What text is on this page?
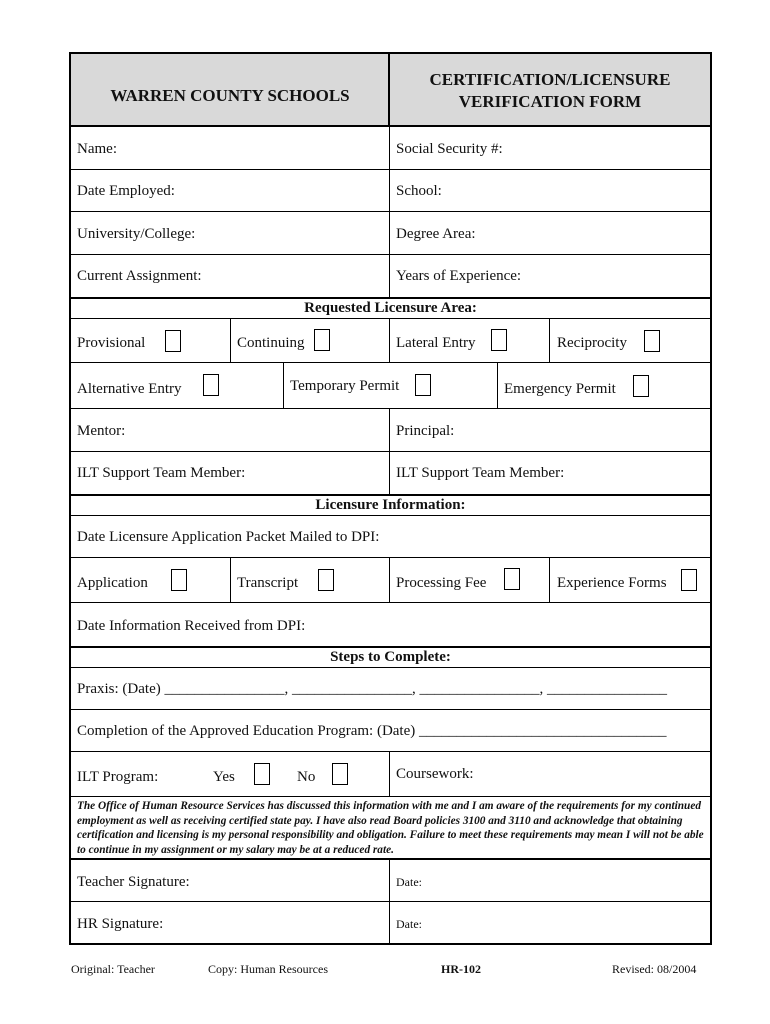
WARREN COUNTY SCHOOLS
CERTIFICATION/LICENSURE
VERIFICATION FORM
Name:	Social Security #:
Date Employed:	School:
University/College:	Degree Area:
Current Assignment:	Years of Experience:
Requested Licensure Area:
Provisional	Continuing	Lateral Entry	Reciprocity
Alternative Entry	Temporary Permit	Emergency Permit
Mentor:	Principal:
ILT Support Team Member:	ILT Support Team Member:
Licensure Information:
Date Licensure Application Packet Mailed to DPI:
Application	Transcript	Processing Fee	Experience Forms
Date Information Received from DPI:
Steps to Complete:
Praxis: (Date) ________________, ________________, ________________, ________________
Completion of the Approved Education Program: (Date) _________________________________
ILT Program:	Yes	No	Coursework:
The Office of Human Resource Services has discussed this information with me and I am aware of the requirements for my continued employment as well as receiving certified state pay. I have also read Board policies 3100 and 3110 and acknowledge that obtaining certification and licensing is my personal responsibility and obligation. Failure to meet these requirements may mean I will not be able to continue in my assignment or my salary may be at a reduced rate.
Teacher Signature:	Date:
HR Signature:	Date:
Original: Teacher	Copy: Human Resources	HR-102	Revised: 08/2004
